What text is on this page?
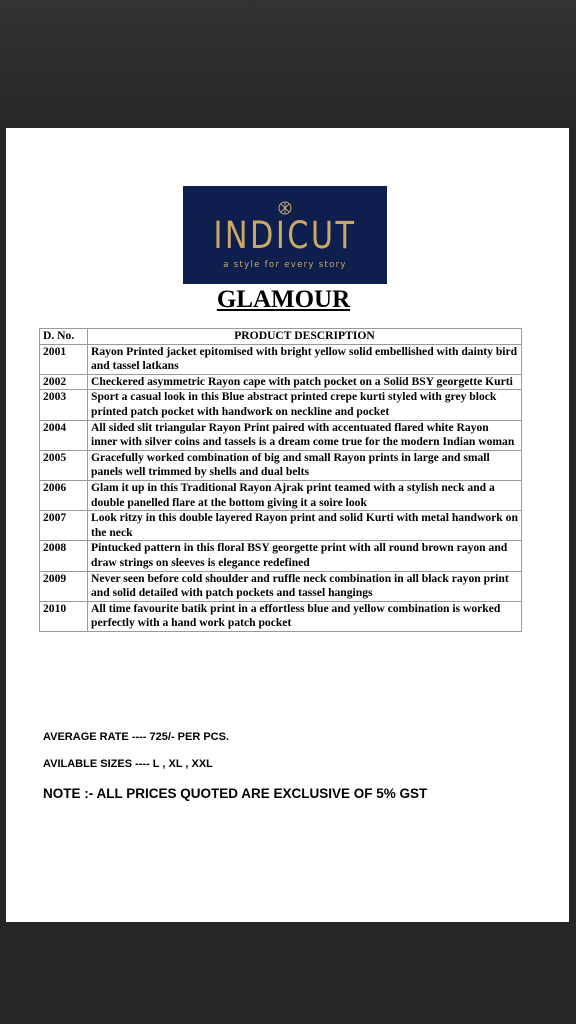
INDICUT
a style for every story
GLAMOUR
D. No.	PRODUCT DESCRIPTION
2001	Rayon Printed jacket epitomised with bright yellow solid embellished with dainty bird and tassel latkans
2002	Checkered asymmetric Rayon cape with patch pocket on a Solid BSY georgette Kurti
2003	Sport a casual look in this Blue abstract printed crepe kurti styled with grey block printed patch pocket with handwork on neckline and pocket
2004	All sided slit triangular Rayon Print paired with accentuated flared white Rayon inner with silver coins and tassels is a dream come true for the modern Indian woman
2005	Gracefully worked combination of big and small Rayon prints in large and small panels well trimmed by shells and dual belts
2006	Glam it up in this Traditional Rayon Ajrak print teamed with a stylish neck and a double panelled flare at the bottom giving it a soire look
2007	Look ritzy in this double layered Rayon print and solid Kurti with metal handwork on the neck
2008	Pintucked pattern in this floral BSY georgette print with all round brown rayon and draw strings on sleeves is elegance redefined
2009	Never seen before cold shoulder and ruffle neck combination in all black rayon print and solid detailed with patch pockets and tassel hangings
2010	All time favourite batik print in a effortless blue and yellow combination is worked perfectly with a hand work patch pocket
AVERAGE RATE ---- 725/- PER PCS.
AVILABLE SIZES ---- L , XL , XXL
NOTE :- ALL PRICES QUOTED ARE EXCLUSIVE OF 5% GST
